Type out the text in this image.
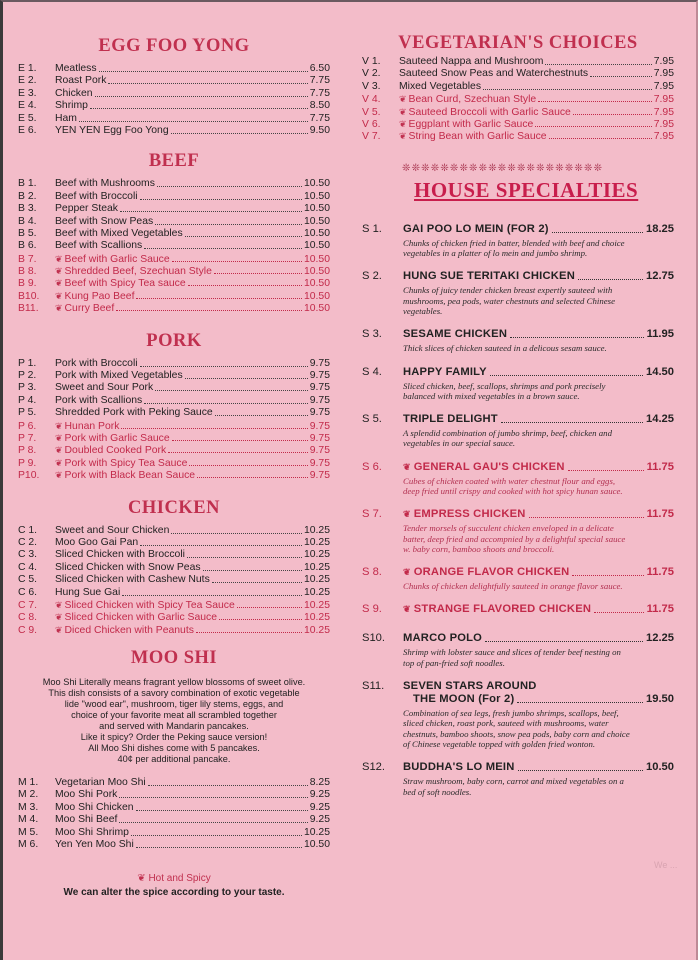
EGG FOO YONG
E 1.	Meatless	6.50
E 2.	Roast Pork	7.75
E 3.	Chicken	7.75
E 4.	Shrimp	8.50
E 5.	Ham	7.75
E 6.	YEN YEN Egg Foo Yong	9.50
BEEF
B 1.	Beef with Mushrooms	10.50
B 2.	Beef with Broccoli	10.50
B 3.	Pepper Steak	10.50
B 4.	Beef with Snow Peas	10.50
B 5.	Beef with Mixed Vegetables	10.50
B 6.	Beef with Scallions	10.50
B 7.	❦ Beef with Garlic Sauce	10.50
B 8.	❦ Shredded Beef, Szechuan Style	10.50
B 9.	❦ Beef with Spicy Tea sauce	10.50
B10.	❦ Kung Pao Beef	10.50
B11.	❦ Curry Beef	10.50
PORK
P 1.	Pork with Broccoli	9.75
P 2.	Pork with Mixed Vegetables	9.75
P 3.	Sweet and Sour Pork	9.75
P 4.	Pork with Scallions	9.75
P 5.	Shredded Pork with Peking Sauce	9.75
P 6.	❦ Hunan Pork	9.75
P 7.	❦ Pork with Garlic Sauce	9.75
P 8.	❦ Doubled Cooked Pork	9.75
P 9.	❦ Pork with Spicy Tea Sauce	9.75
P10.	❦ Pork with Black Bean Sauce	9.75
CHICKEN
C 1.	Sweet and Sour Chicken	10.25
C 2.	Moo Goo Gai Pan	10.25
C 3.	Sliced Chicken with Broccoli	10.25
C 4.	Sliced Chicken with Snow Peas	10.25
C 5.	Sliced Chicken with Cashew Nuts	10.25
C 6.	Hung Sue Gai	10.25
C 7.	❦ Sliced Chicken with Spicy Tea Sauce	10.25
C 8.	❦ Sliced Chicken with Garlic Sauce	10.25
C 9.	❦ Diced Chicken with Peanuts	10.25
MOO SHI
Moo Shi Literally means fragrant yellow blossoms of sweet olive.
This dish consists of a savory combination of exotic vegetable
lide "wood ear", mushroom, tiger lily stems, eggs, and
choice of your favorite meat all scrambled together
and served with Mandarin pancakes.
Like it spicy? Order the Peking sauce version!
All Moo Shi dishes come with 5 pancakes.
40¢ per additional pancake.
M 1.	Vegetarian Moo Shi	8.25
M 2.	Moo Shi Pork	9.25
M 3.	Moo Shi Chicken	9.25
M 4.	Moo Shi Beef	9.25
M 5.	Moo Shi Shrimp	10.25
M 6.	Yen Yen Moo Shi	10.50
❦ Hot and Spicy
We can alter the spice according to your taste.
VEGETARIAN'S CHOICES
V 1.	Sauteed Nappa and Mushroom	7.95
V 2.	Sauteed Snow Peas and Waterchestnuts	7.95
V 3.	Mixed Vegetables	7.95
V 4.	❦ Bean Curd, Szechuan Style	7.95
V 5.	❦ Sauteed Broccoli with Garlic Sauce	7.95
V 6.	❦ Eggplant with Garlic Sauce	7.95
V 7.	❦ String Bean with Garlic Sauce	7.95
❊❊❊❊❊❊❊❊❊❊❊❊❊❊❊❊❊❊❊❊❊
HOUSE SPECIALTIES
S 1.	GAI POO LO MEIN (FOR 2)	18.25
Chunks of chicken fried in batter, blended with beef and choice vegetables in a platter of lo mein and jumbo shrimp.
S 2.	HUNG SUE TERITAKI CHICKEN	12.75
Chunks of juicy tender chicken breast expertly sauteed with mushrooms, pea pods, water chestnuts and selected Chinese vegetables.
S 3.	SESAME CHICKEN	11.95
Thick slices of chicken sauteed in a delicous sesam sauce.
S 4.	HAPPY FAMILY	14.50
Sliced chicken, beef, scallops, shrimps and pork precisely balanced with mixed vegetables in a brown sauce.
S 5.	TRIPLE DELIGHT	14.25
A splendid combination of jumbo shrimp, beef, chicken and vegetables in our special sauce.
S 6.	❦ GENERAL GAU'S CHICKEN	11.75
Cubes of chicken coated with water chestnut flour and eggs, deep fried until crispy and cooked with hot spicy hunan sauce.
S 7.	❦ EMPRESS CHICKEN	11.75
Tender morsels of succulent chicken enveloped in a delicate batter, deep fried and accompnied by a delightful special sauce w. baby corn, bamboo shoots and broccoli.
S 8.	❦ ORANGE FLAVOR CHICKEN	11.75
Chunks of chicken delightfully sauteed in orange flavor sauce.
S 9.	❦ STRANGE FLAVORED CHICKEN	11.75
S10.	MARCO POLO	12.25
Shrimp with lobster sauce and slices of tender beef nesting on top of pan-fried soft noodles.
S11.	SEVEN STARS AROUND
THE MOON (For 2)	19.50
Combination of sea legs, fresh jumbo shrimps, scallops, beef, sliced chicken, roast pork, sauteed with mushrooms, water chestnuts, bamboo shoots, snow pea pods, baby corn and choice of Chinese vegetable topped with golden fried wonton.
S12.	BUDDHA'S LO MEIN	10.50
Straw mushroom, baby corn, carrot and mixed vegetables on a bed of soft noodles.
We ...
